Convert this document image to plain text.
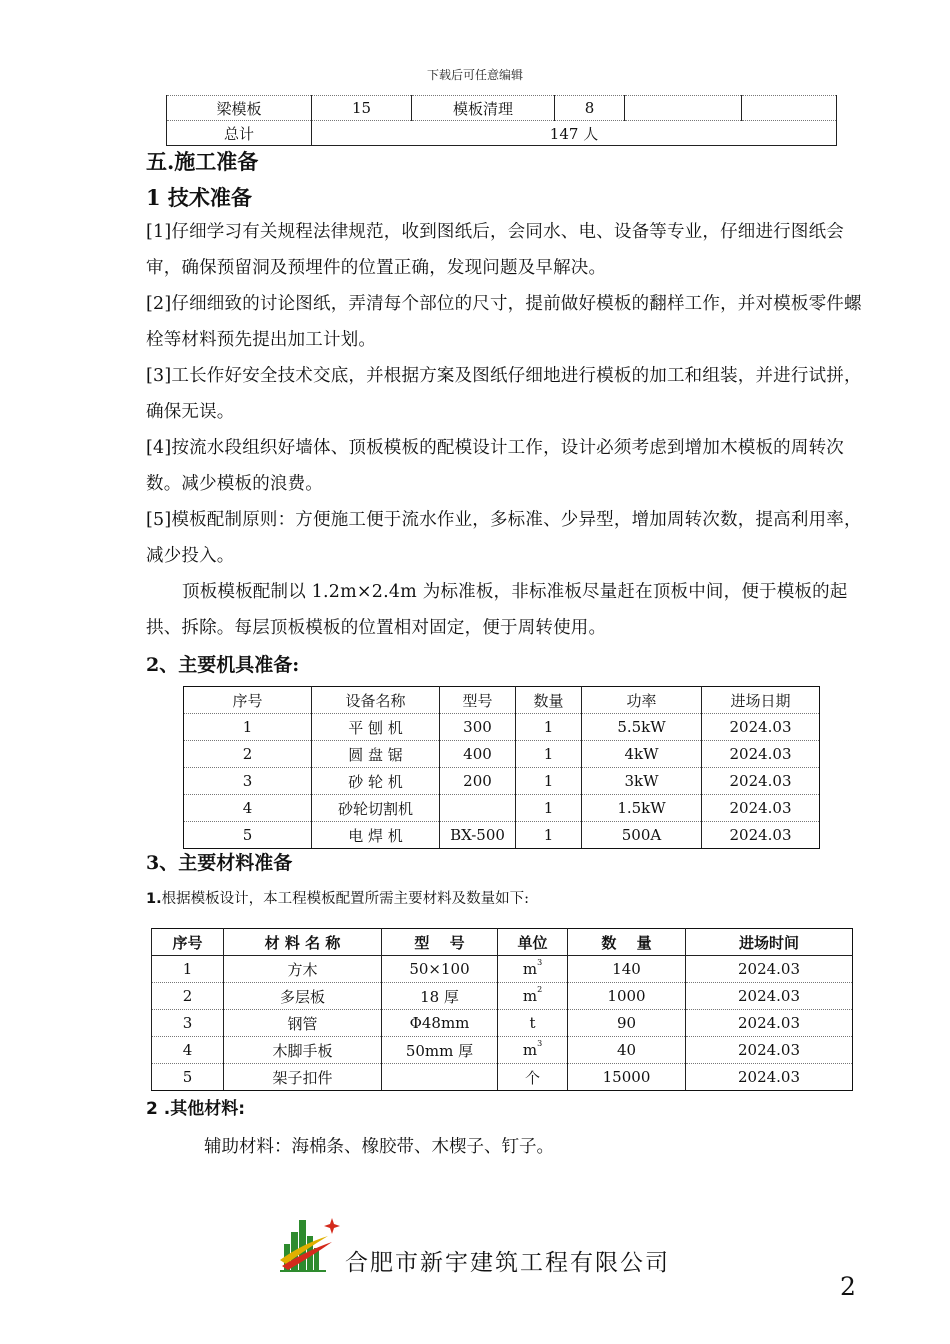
下载后可任意编辑
梁模板	15	模板清理	8		
总计	147 人				
五.施工准备
1 技术准备
[1]仔细学习有关规程法律规范，收到图纸后，会同水、电、设备等专业，仔细进行图纸会审，确保预留洞及预埋件的位置正确，发现问题及早解决。
[2]仔细细致的讨论图纸，弄清每个部位的尺寸，提前做好模板的翻样工作，并对模板零件螺栓等材料预先提出加工计划。
[3]工长作好安全技术交底，并根据方案及图纸仔细地进行模板的加工和组装，并进行试拼，确保无误。
[4]按流水段组织好墙体、顶板模板的配模设计工作，设计必须考虑到增加木模板的周转次数。减少模板的浪费。
[5]模板配制原则：方便施工便于流水作业，多标准、少异型，增加周转次数，提高利用率，减少投入。
顶板模板配制以 1.2m×2.4m 为标准板，非标准板尽量赶在顶板中间，便于模板的起拱、拆除。每层顶板模板的位置相对固定，便于周转使用。
2、主要机具准备:
序号	设备名称	型号	数量	功率	进场日期
1	平 刨 机	300	1	5.5kW	2024.03
2	圆 盘 锯	400	1	4kW	2024.03
3	砂 轮 机	200	1	3kW	2024.03
4	砂轮切割机		1	1.5kW	2024.03
5	电 焊 机	BX-500	1	500A	2024.03
3、主要材料准备
1.根据模板设计，本工程模板配置所需主要材料及数量如下:
序号	材 料 名 称	型　 号	单位	数　 量	进场时间
1	方木	50×100	$m^3$	140	2024.03
2	多层板	18 厚	$m^2$	1000	2024.03
3	钢管	Φ48mm	t	90	2024.03
4	木脚手板	50mm 厚	$m^3$	40	2024.03
5	架子扣件		个	15000	2024.03
2 .其他材料:
辅助材料：海棉条、橡胶带、木楔子、钉子。
合肥市新宇建筑工程有限公司
2
